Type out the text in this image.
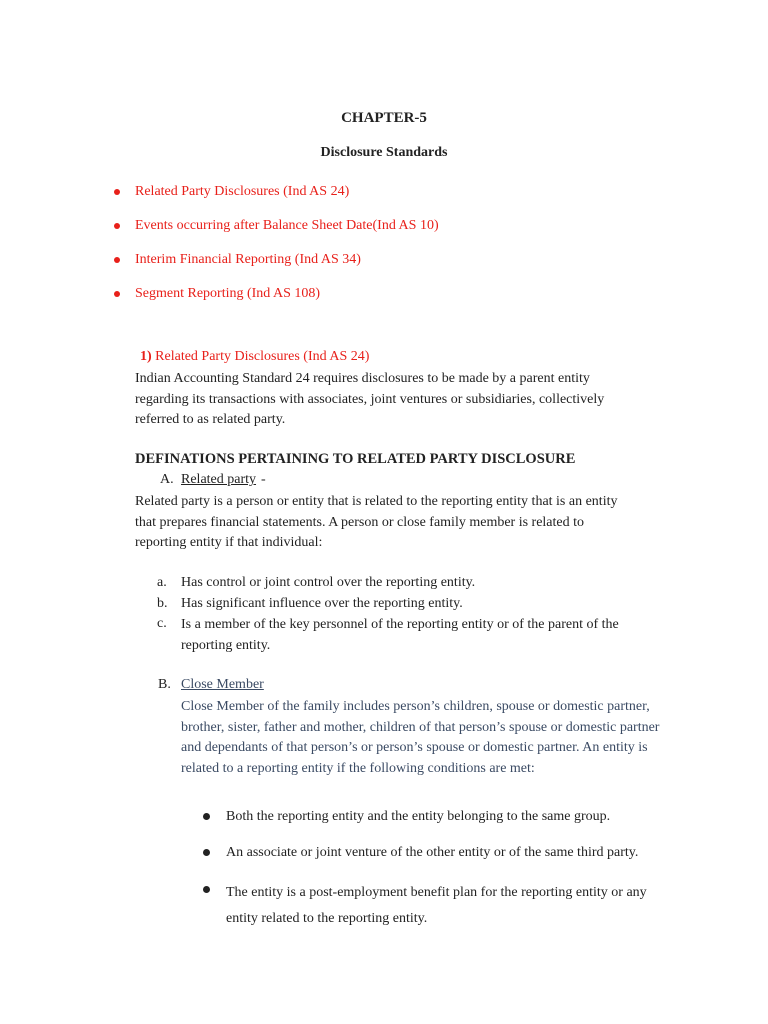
CHAPTER-5
Disclosure Standards
Related Party Disclosures (Ind AS 24)
Events occurring after Balance Sheet Date(Ind AS 10)
Interim Financial Reporting (Ind AS 34)
Segment Reporting (Ind AS 108)
1) Related Party Disclosures (Ind AS 24)
Indian Accounting Standard 24 requires disclosures to be made by a parent entity regarding its transactions with associates, joint ventures or subsidiaries, collectively referred to as related party.
DEFINATIONS PERTAINING TO RELATED PARTY DISCLOSURE
A. Related party -
Related party is a person or entity that is related to the reporting entity that is an entity that prepares financial statements. A person or close family member is related to reporting entity if that individual:
a. Has control or joint control over the reporting entity.
b. Has significant influence over the reporting entity.
c. Is a member of the key personnel of the reporting entity or of the parent of the reporting entity.
B. Close Member
Close Member of the family includes person’s children, spouse or domestic partner, brother, sister, father and mother, children of that person’s spouse or domestic partner and dependants of that person’s or person’s spouse or domestic partner. An entity is related to a reporting entity if the following conditions are met:
Both the reporting entity and the entity belonging to the same group.
An associate or joint venture of the other entity or of the same third party.
The entity is a post-employment benefit plan for the reporting entity or any entity related to the reporting entity.
